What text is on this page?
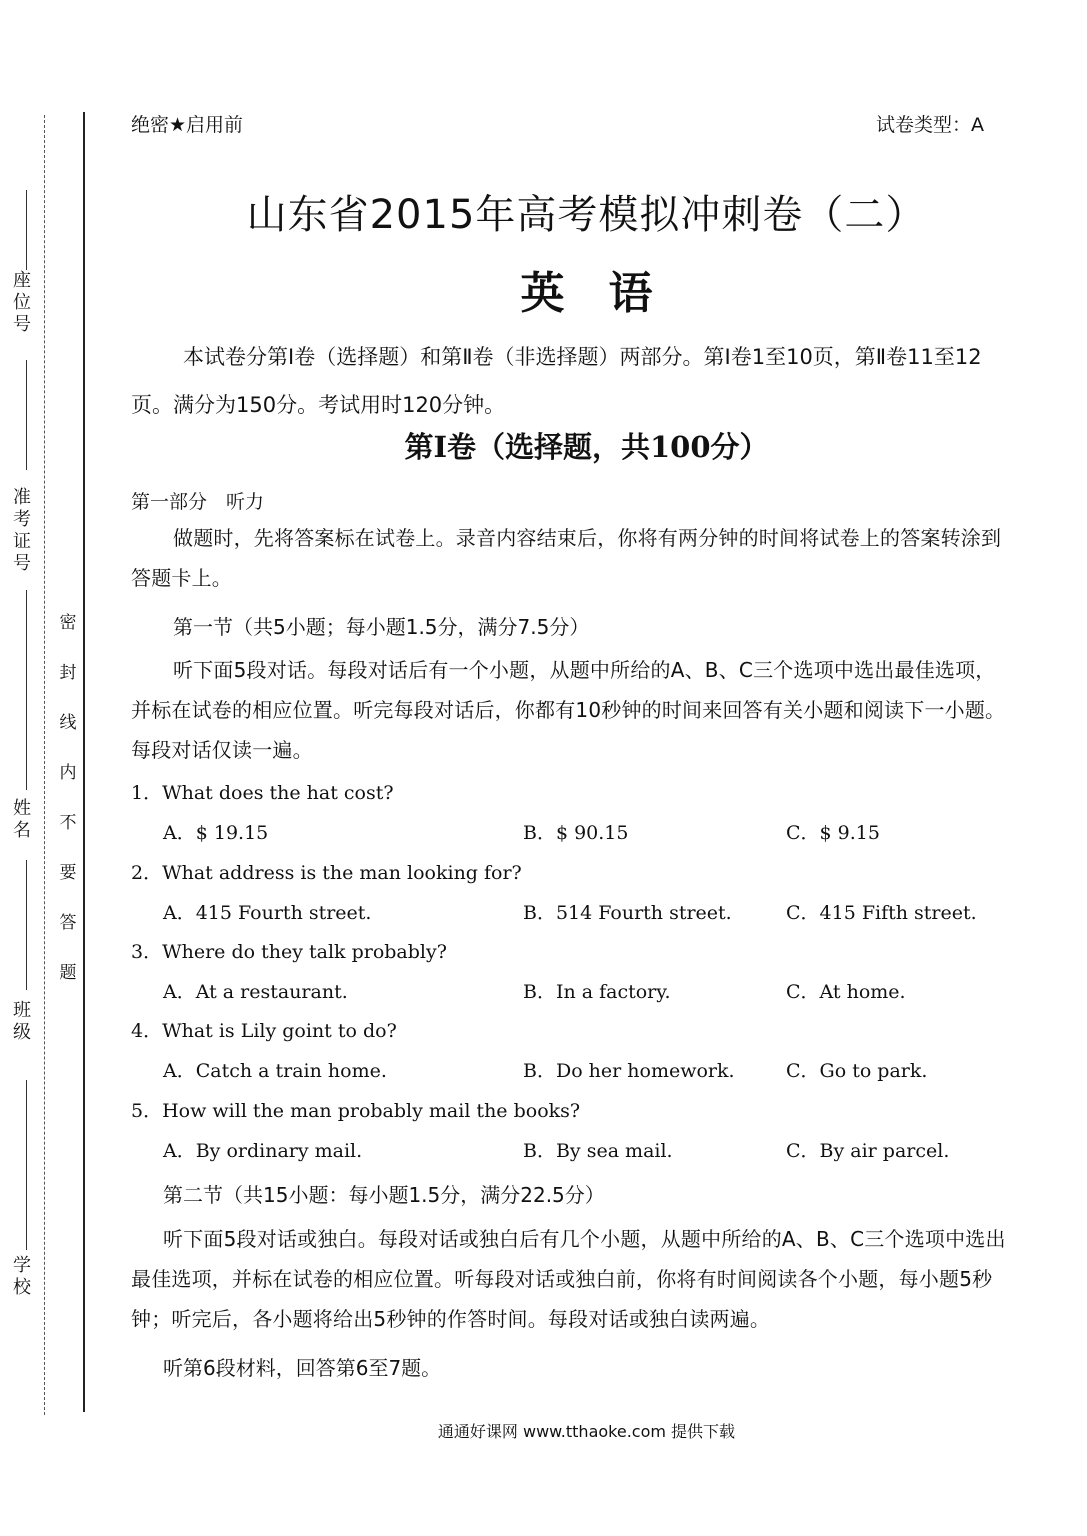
座位号
准考证号
姓名
班级
学校
密封线内不要答题
绝密★启用前	试卷类型：A
山东省2015年高考模拟冲刺卷（二）
英　语
本试卷分第Ⅰ卷（选择题）和第Ⅱ卷（非选择题）两部分。第Ⅰ卷1至10页，第Ⅱ卷11至12页。满分为150分。考试用时120分钟。
第Ⅰ卷（选择题，共100分）
第一部分　听力
做题时，先将答案标在试卷上。录音内容结束后，你将有两分钟的时间将试卷上的答案转涂到答题卡上。
第一节（共5小题；每小题1.5分，满分7.5分）
听下面5段对话。每段对话后有一个小题，从题中所给的A、B、C三个选项中选出最佳选项，并标在试卷的相应位置。听完每段对话后，你都有10秒钟的时间来回答有关小题和阅读下一小题。每段对话仅读一遍。
1．What does the hat cost?
A．$ 19.15	B．$ 90.15	C．$ 9.15
2．What address is the man looking for?
A．415 Fourth street.	B．514 Fourth street.	C．415 Fifth street.
3．Where do they talk probably?
A．At a restaurant.	B．In a factory.	C．At home.
4．What is Lily goint to do?
A．Catch a train home.	B．Do her homework.	C．Go to park.
5．How will the man probably mail the books?
A．By ordinary mail.	B．By sea mail.	C．By air parcel.
第二节（共15小题：每小题1.5分，满分22.5分）
听下面5段对话或独白。每段对话或独白后有几个小题，从题中所给的A、B、C三个选项中选出最佳选项，并标在试卷的相应位置。听每段对话或独白前，你将有时间阅读各个小题，每小题5秒钟；听完后，各小题将给出5秒钟的作答时间。每段对话或独白读两遍。
听第6段材料，回答第6至7题。
通通好课网 www.tthaoke.com 提供下载
